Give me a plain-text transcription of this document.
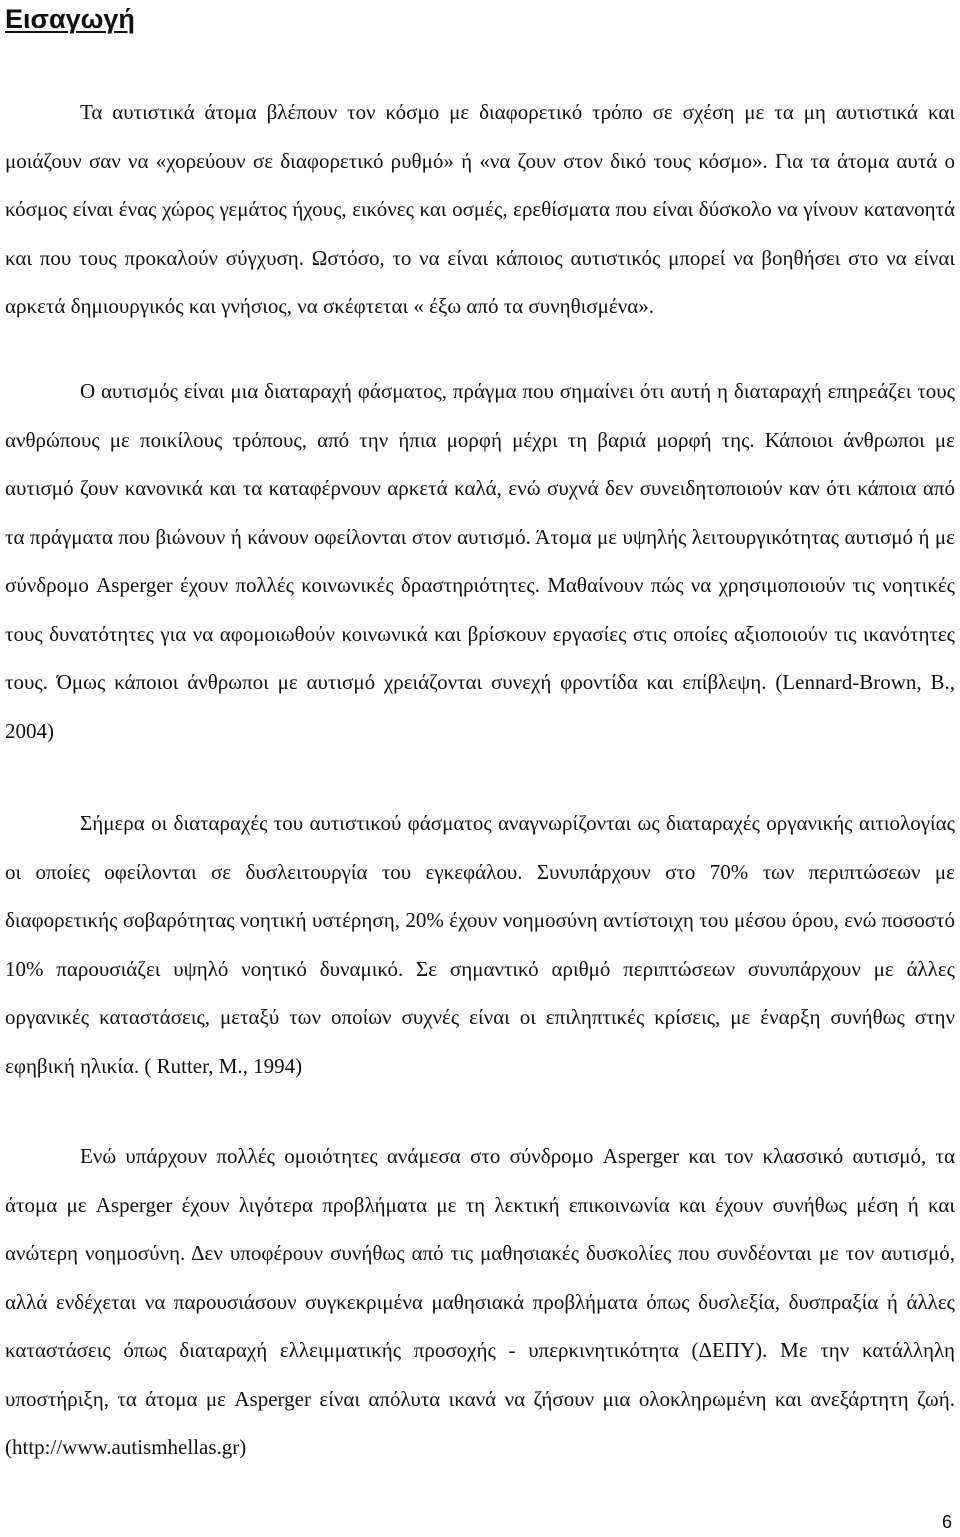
Εισαγωγή

Τα αυτιστικά άτομα βλέπουν τον κόσμο με διαφορετικό τρόπο σε σχέση με τα μη αυτιστικά και μοιάζουν σαν να «χορεύουν σε διαφορετικό ρυθμό» ή «να ζουν στον δικό τους κόσμο». Για τα άτομα αυτά ο κόσμος είναι ένας χώρος γεμάτος ήχους, εικόνες και οσμές, ερεθίσματα που είναι δύσκολο να γίνουν κατανοητά και που τους προκαλούν σύγχυση. Ωστόσο, το να είναι κάποιος αυτιστικός μπορεί να βοηθήσει στο να είναι αρκετά δημιουργικός και γνήσιος, να σκέφτεται « έξω από τα συνηθισμένα».

Ο αυτισμός είναι μια διαταραχή φάσματος, πράγμα που σημαίνει ότι αυτή η διαταραχή επηρεάζει τους ανθρώπους με ποικίλους τρόπους, από την ήπια μορφή μέχρι τη βαριά μορφή της. Κάποιοι άνθρωποι με αυτισμό ζουν κανονικά και τα καταφέρνουν αρκετά καλά, ενώ συχνά δεν συνειδητοποιούν καν ότι κάποια από τα πράγματα που βιώνουν ή κάνουν οφείλονται στον αυτισμό. Άτομα με υψηλής λειτουργικότητας αυτισμό ή με σύνδρομο Asperger έχουν πολλές κοινωνικές δραστηριότητες. Μαθαίνουν πώς να χρησιμοποιούν τις νοητικές τους δυνατότητες για να αφομοιωθούν κοινωνικά και βρίσκουν εργασίες στις οποίες αξιοποιούν τις ικανότητες τους. Όμως κάποιοι άνθρωποι με αυτισμό χρειάζονται συνεχή φροντίδα και επίβλεψη. (Lennard-Brown, B., 2004)

Σήμερα οι διαταραχές του αυτιστικού φάσματος αναγνωρίζονται ως διαταραχές οργανικής αιτιολογίας οι οποίες οφείλονται σε δυσλειτουργία του εγκεφάλου. Συνυπάρχουν στο 70% των περιπτώσεων με διαφορετικής σοβαρότητας νοητική υστέρηση, 20% έχουν νοημοσύνη αντίστοιχη του μέσου όρου, ενώ ποσοστό 10% παρουσιάζει υψηλό νοητικό δυναμικό. Σε σημαντικό αριθμό περιπτώσεων συνυπάρχουν με άλλες οργανικές καταστάσεις, μεταξύ των οποίων συχνές είναι οι επιληπτικές κρίσεις, με έναρξη συνήθως στην εφηβική ηλικία. ( Rutter, M., 1994)

Ενώ υπάρχουν πολλές ομοιότητες ανάμεσα στο σύνδρομο Asperger και τον κλασσικό αυτισμό, τα άτομα με Asperger έχουν λιγότερα προβλήματα με τη λεκτική επικοινωνία και έχουν συνήθως μέση ή και ανώτερη νοημοσύνη. Δεν υποφέρουν συνήθως από τις μαθησιακές δυσκολίες που συνδέονται με τον αυτισμό, αλλά ενδέχεται να παρουσιάσουν συγκεκριμένα μαθησιακά προβλήματα όπως δυσλεξία, δυσπραξία ή άλλες καταστάσεις όπως διαταραχή ελλειμματικής προσοχής - υπερκινητικότητα (ΔΕΠΥ). Με την κατάλληλη υποστήριξη, τα άτομα με Asperger είναι απόλυτα ικανά να ζήσουν μια ολοκληρωμένη και ανεξάρτητη ζωή. (http://www.autismhellas.gr)

6
